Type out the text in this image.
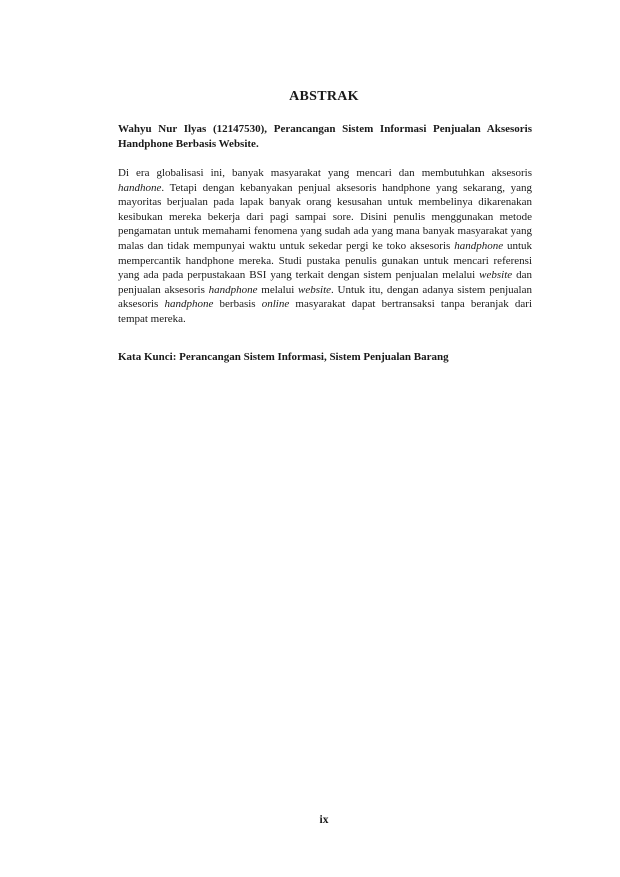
ABSTRAK
Wahyu Nur Ilyas (12147530), Perancangan Sistem Informasi Penjualan Aksesoris Handphone Berbasis Website.
Di era globalisasi ini, banyak masyarakat yang mencari dan membutuhkan aksesoris handhone. Tetapi dengan kebanyakan penjual aksesoris handphone yang sekarang, yang mayoritas berjualan pada lapak banyak orang kesusahan untuk membelinya dikarenakan kesibukan mereka bekerja dari pagi sampai sore. Disini penulis menggunakan metode pengamatan untuk memahami fenomena yang sudah ada yang mana banyak masyarakat yang malas dan tidak mempunyai waktu untuk sekedar pergi ke toko aksesoris handphone untuk mempercantik handphone mereka. Studi pustaka penulis gunakan untuk mencari referensi yang ada pada perpustakaan BSI yang terkait dengan sistem penjualan melalui website dan penjualan aksesoris handphone melalui website. Untuk itu, dengan adanya sistem penjualan aksesoris handphone berbasis online masyarakat dapat bertransaksi tanpa beranjak dari tempat mereka.
Kata Kunci: Perancangan Sistem Informasi, Sistem Penjualan Barang
ix
